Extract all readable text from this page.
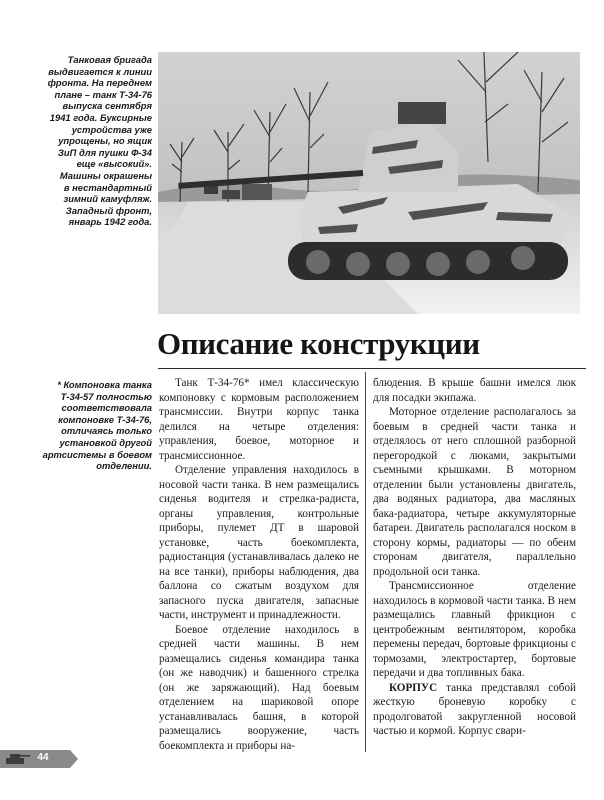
Танковая бригада
выдвигается к линии
фронта. На переднем
плане – танк Т-34-76
выпуска сентября
1941 года. Буксирные
устройства уже
упрощены, но ящик
ЗиП для пушки Ф-34
еще «высокий».
Машины окрашены
в нестандартный
зимний камуфляж.
Западный фронт,
январь 1942 года.
Описание конструкции
* Компоновка танка
Т-34-57 полностью
соответствовала
компоновке Т-34-76,
отличаясь только
установкой другой
артсистемы в боевом
отделении.

Танк Т-34-76* имел классическую компоновку с кормовым расположением трансмиссии. Внутри корпус танка делился на четыре отделения: управления, боевое, моторное и трансмиссионное.

Отделение управления находилось в носовой части танка. В нем размещались сиденья водителя и стрелка-радиста, органы управления, контрольные приборы, пулемет ДТ в шаровой установке, часть боекомплекта, радиостанция (устанавливалась далеко не на все танки), приборы наблюдения, два баллона со сжатым воздухом для запасного пуска двигателя, запасные части, инструмент и принадлежности.

Боевое отделение находилось в средней части машины. В нем размещались сиденья командира танка (он же наводчик) и башенного стрелка (он же заряжающий). Над боевым отделением на шариковой опоре устанавливалась башня, в которой размещались вооружение, часть боекомплекта и приборы на-

блюдения. В крыше башни имелся люк для посадки экипажа.

Моторное отделение располагалось за боевым в средней части танка и отделялось от него сплошной разборной перегородкой с люками, закрытыми съемными крышками. В моторном отделении были установлены двигатель, два водяных радиатора, два масляных бака-радиатора, четыре аккумуляторные батареи. Двигатель располагался носком в сторону кормы, радиаторы — по обеим сторонам двигателя, параллельно продольной оси танка.

Трансмиссионное отделение находилось в кормовой части танка. В нем размещались главный фрикцион с центробежным вентилятором, коробка перемены передач, бортовые фрикционы с тормозами, электростартер, бортовые передачи и два топливных бака.

КОРПУС танка представлял собой жесткую броневую коробку с продолговатой закругленной носовой частью и кормой. Корпус свари-

44
